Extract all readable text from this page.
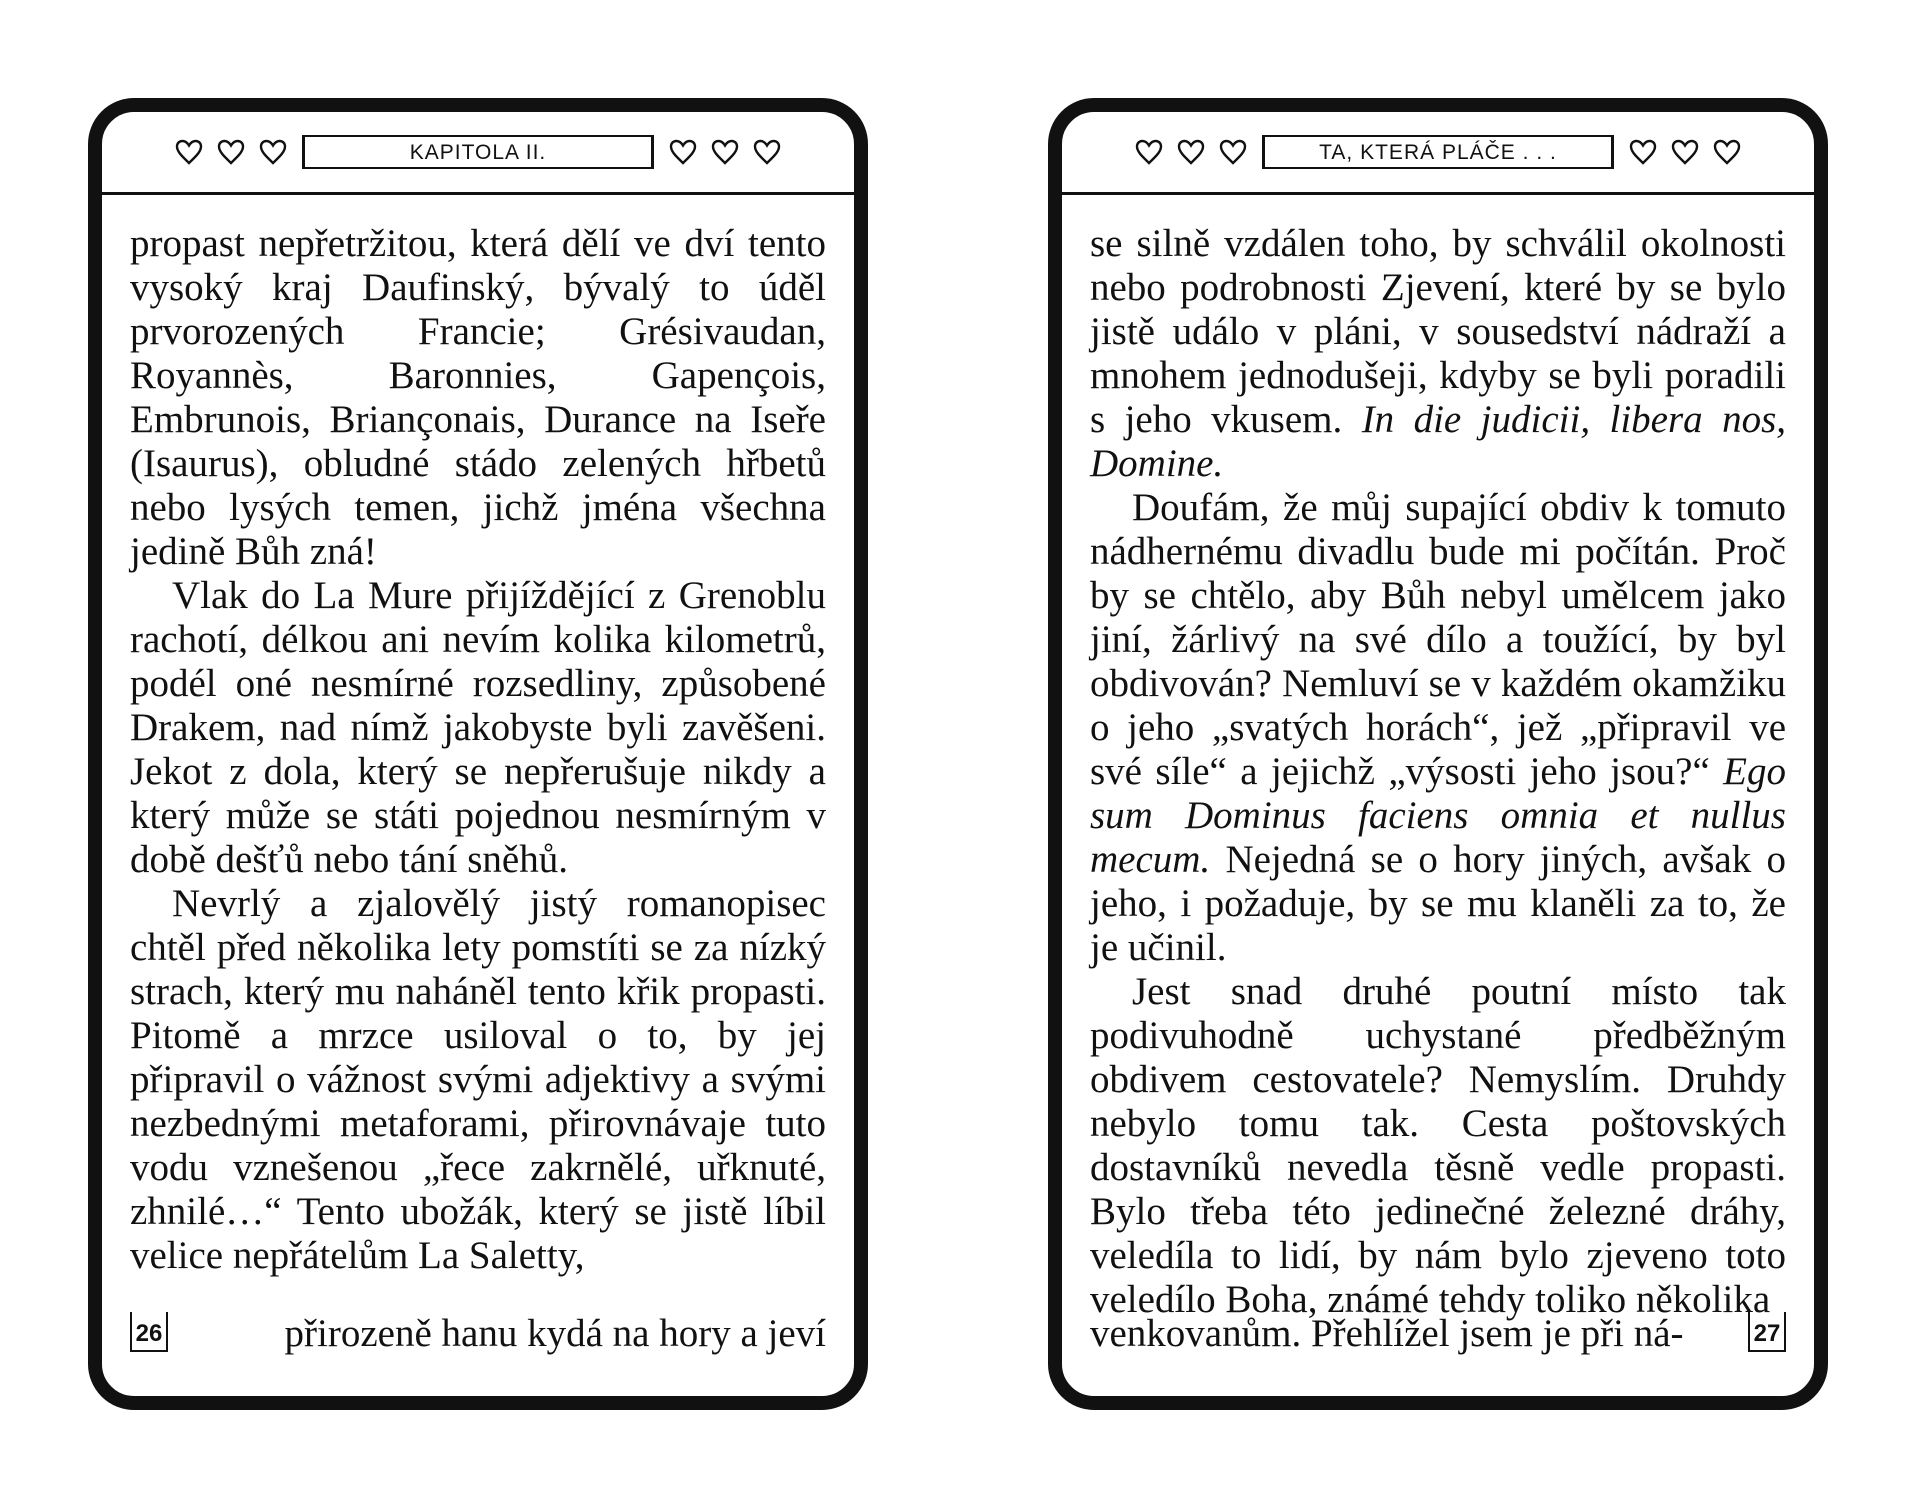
KAPITOLA II.

propast nepřetržitou, která dělí ve dví tento vysoký kraj Daufinský, bývalý to úděl prvorozených Francie; Grésivaudan, Royannès, Baronnies, Gapençois, Embrunois, Briançonais, Durance na Iseře (Isaurus), obludné stádo zelených hřbetů nebo lysých temen, jichž jména všechna jedině Bůh zná!

Vlak do La Mure přijíždějící z Grenoblu rachotí, délkou ani nevím kolika kilometrů, podél oné nesmírné rozsedliny, způsobené Drakem, nad nímž jakobyste byli zavěšeni. Jekot z dola, který se nepřerušuje nikdy a který může se státi pojednou nesmírným v době dešťů nebo tání sněhů.

Nevrlý a zjalovělý jistý romanopisec chtěl před několika lety pomstíti se za nízký strach, který mu naháněl tento křik propasti. Pitomě a mrzce usiloval o to, by jej připravil o vážnost svými adjektivy a svými nezbednými metaforami, přirovnávaje tuto vodu vznešenou „řece zakrnělé, uřknuté, zhnilé…“ Tento ubožák, který se jistě líbil velice nepřátelům La Saletty,

26	přirozeně hanu kydá na hory a jeví
TA, KTERÁ PLÁČE . . .

se silně vzdálen toho, by schválil okolnosti nebo podrobnosti Zjevení, které by se bylo jistě událo v pláni, v sousedství nádraží a mnohem jednodušeji, kdyby se byli poradili s jeho vkusem. In die judicii, libera nos, Domine.

Doufám, že můj supající obdiv k tomuto nádhernému divadlu bude mi počítán. Proč by se chtělo, aby Bůh nebyl umělcem jako jiní, žárlivý na své dílo a toužící, by byl obdivován? Nemluví se v každém okamžiku o jeho „svatých horách“, jež „připravil ve své síle“ a jejichž „výsosti jeho jsou?“ Ego sum Dominus faciens omnia et nullus mecum. Nejedná se o hory jiných, avšak o jeho, i požaduje, by se mu klaněli za to, že je učinil.

Jest snad druhé poutní místo tak podivuhodně uchystané předběžným obdivem cestovatele? Nemyslím. Druhdy nebylo tomu tak. Cesta poštovských dostavníků nevedla těsně vedle propasti. Bylo třeba této jedinečné železné dráhy, veledíla to lidí, by nám bylo zjeveno toto veledílo Boha, známé tehdy toliko několika

venkovanům. Přehlížel jsem je při ná-	27
